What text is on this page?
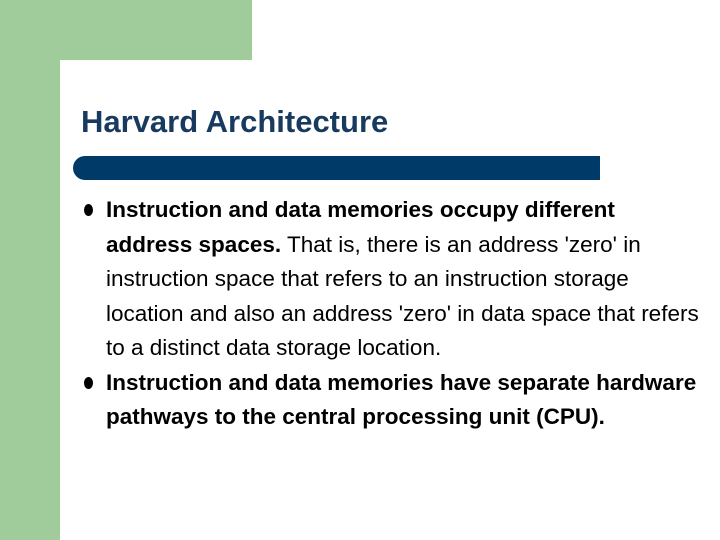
Harvard Architecture
Instruction and data memories occupy different address spaces. That is, there is an address 'zero' in instruction space that refers to an instruction storage location and also an address 'zero' in data space that refers to a distinct data storage location.
Instruction and data memories have separate hardware pathways to the central processing unit (CPU).
